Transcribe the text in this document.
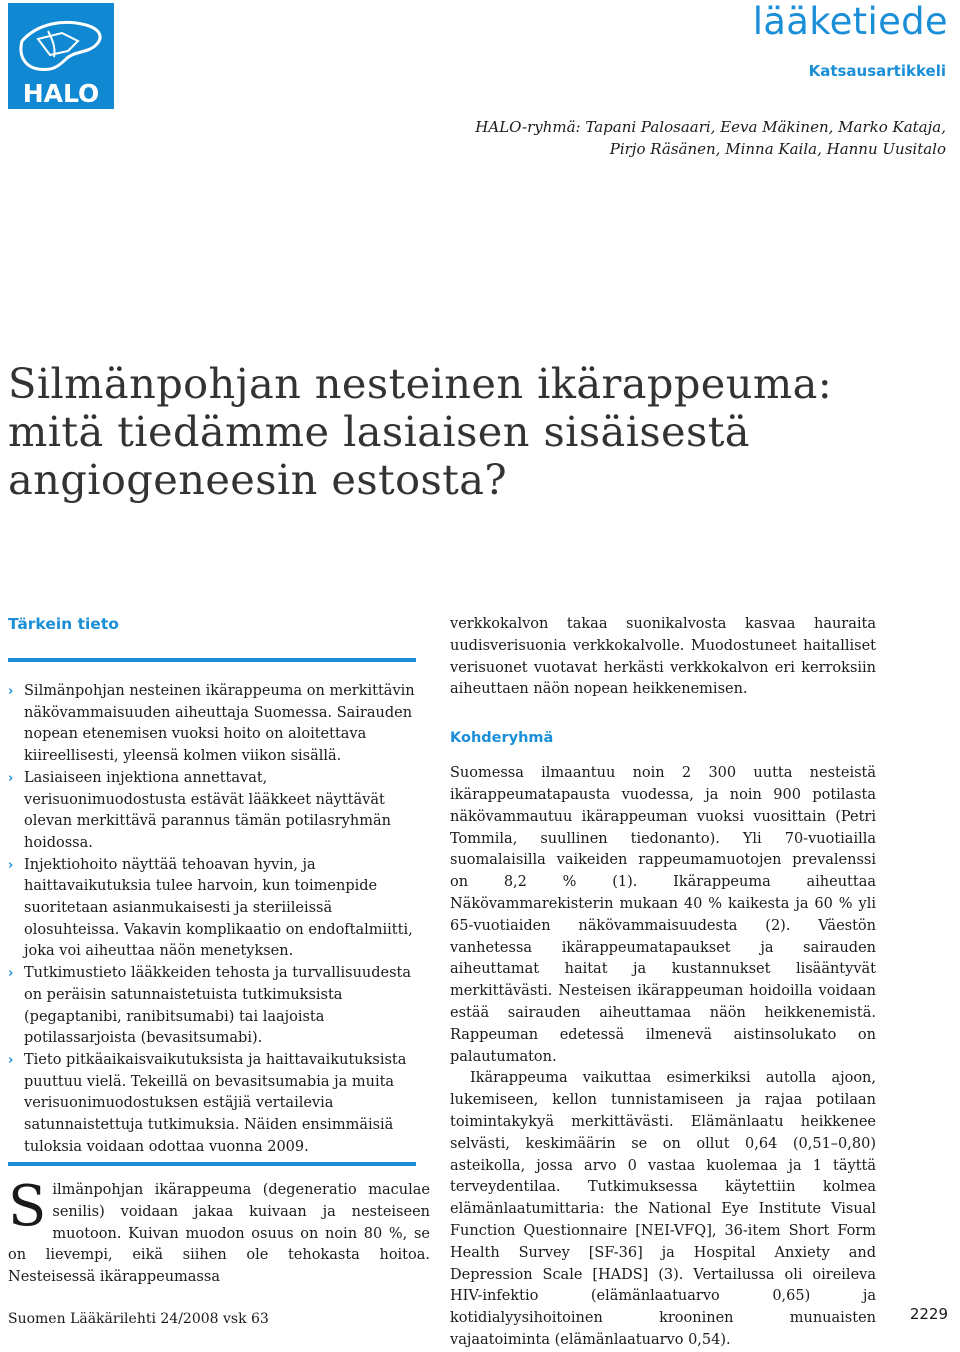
HALO
lääketiede
Katsausartikkeli
HALO-ryhmä: Tapani Palosaari, Eeva Mäkinen, Marko Kataja, Pirjo Räsänen, Minna Kaila, Hannu Uusitalo
Silmänpohjan nesteinen ikärappeuma:
mitä tiedämme lasiaisen sisäisestä
angiogeneesin estosta?
Tärkein tieto
› Silmänpohjan nesteinen ikärappeuma on merkittävin näkövammaisuuden aiheuttaja Suomessa. Sairauden nopean etenemisen vuoksi hoito on aloitettava kiireellisesti, yleensä kolmen viikon sisällä.
› Lasiaiseen injektiona annettavat, verisuonimuodostusta estävät lääkkeet näyttävät olevan merkittävä parannus tämän potilasryhmän hoidossa.
› Injektiohoito näyttää tehoavan hyvin, ja haittavaikutuksia tulee harvoin, kun toimenpide suoritetaan asianmukaisesti ja steriileissä olosuhteissa. Vakavin komplikaatio on endoftalmiitti, joka voi aiheuttaa näön menetyksen.
› Tutkimustieto lääkkeiden tehosta ja turvallisuudesta on peräisin satunnaistetuista tutkimuksista (pegaptanibi, ranibitsumabi) tai laajoista potilassarjoista (bevasitsumabi).
› Tieto pitkäaikaisvaikutuksista ja haittavaikutuksista puuttuu vielä. Tekeillä on bevasitsumabia ja muita verisuonimuodostuksen estäjiä vertailevia satunnaistettuja tutkimuksia. Näiden ensimmäisiä tuloksia voidaan odottaa vuonna 2009.

Silmänpohjan ikärappeuma (degeneratio maculae senilis) voidaan jakaa kuivaan ja nesteiseen muotoon. Kuivan muodon osuus on noin 80 %, se on lievempi, eikä siihen ole tehokasta hoitoa. Nesteisessä ikärappeumassa

verkkokalvon takaa suonikalvosta kasvaa hauraita uudisverisuonia verkkokalvolle. Muodostuneet haitalliset verisuonet vuotavat herkästi verkkokalvon eri kerroksiin aiheuttaen näön nopean heikkenemisen.

Kohderyhmä

Suomessa ilmaantuu noin 2 300 uutta nesteistä ikärappeumatapausta vuodessa, ja noin 900 potilasta näkövammautuu ikärappeuman vuoksi vuosittain (Petri Tommila, suullinen tiedonanto). Yli 70-vuotiailla suomalaisilla vaikeiden rappeumamuotojen prevalenssi on 8,2 % (1). Ikärappeuma aiheuttaa Näkövammarekisterin mukaan 40 % kaikesta ja 60 % yli 65-vuotiaiden näkövammaisuudesta (2). Väestön vanhetessa ikärappeumatapaukset ja sairauden aiheuttamat haitat ja kustannukset lisääntyvät merkittävästi. Nesteisen ikärappeuman hoidoilla voidaan estää sairauden aiheuttamaa näön heikkenemistä. Rappeuman edetessä ilmenevä aistinsolukato on palautumaton.

Ikärappeuma vaikuttaa esimerkiksi autolla ajoon, lukemiseen, kellon tunnistamiseen ja rajaa potilaan toimintakykyä merkittävästi. Elämänlaatu heikkenee selvästi, keskimäärin se on ollut 0,64 (0,51–0,80) asteikolla, jossa arvo 0 vastaa kuolemaa ja 1 täyttä terveydentilaa. Tutkimuksessa käytettiin kolmea elämänlaatumittaria: the National Eye Institute Visual Function Questionnaire [NEI-VFQ], 36-item Short Form Health Survey [SF-36] ja Hospital Anxiety and Depression Scale [HADS] (3). Vertailussa oli oireileva HIV-infektio (elämänlaatuarvo 0,65) ja kotidialyysihoitoinen krooninen munuaisten vajaatoiminta (elämänlaatuarvo 0,54).

Suomen Lääkärilehti 24/2008 vsk 63	2229
